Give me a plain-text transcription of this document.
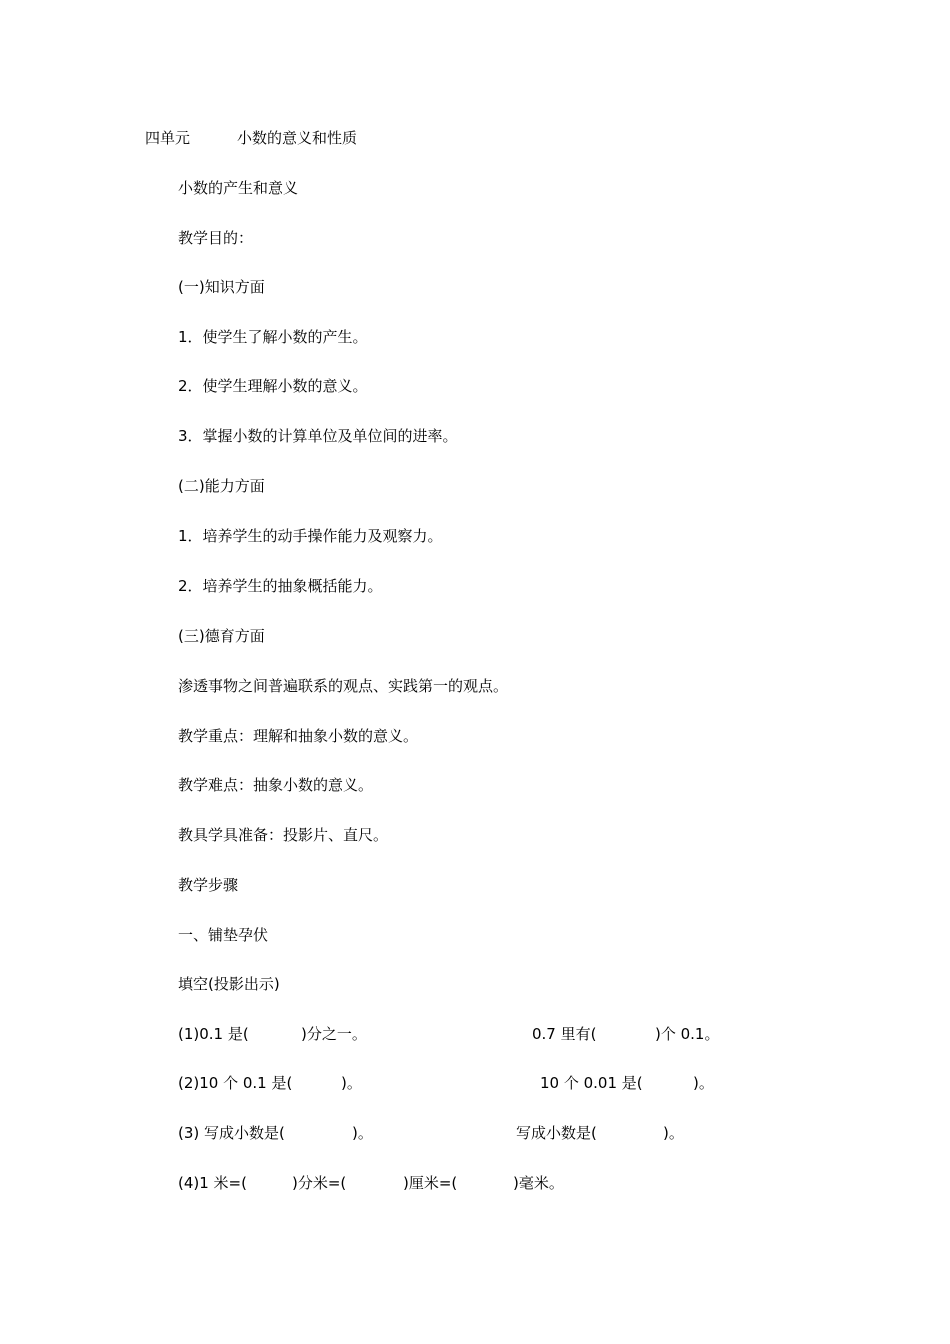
四单元	小数的意义和性质
小数的产生和意义
教学目的：
(一)知识方面
1．使学生了解小数的产生。
2．使学生理解小数的意义。
3．掌握小数的计算单位及单位间的进率。
(二)能力方面
1．培养学生的动手操作能力及观察力。
2．培养学生的抽象概括能力。
(三)德育方面
渗透事物之间普遍联系的观点、实践第一的观点。
教学重点：理解和抽象小数的意义。
教学难点：抽象小数的意义。
教具学具准备：投影片、直尺。
教学步骤
一、铺垫孕伏
填空(投影出示)
(1)0.1 是(	)分之一。	0.7 里有(	)个 0.1。
(2)10 个 0.1 是(	)。	10 个 0.01 是(	)。
(3) 写成小数是(	)。	写成小数是(	)。
(4)1 米=(	)分米=(	)厘米=(	)毫米。
